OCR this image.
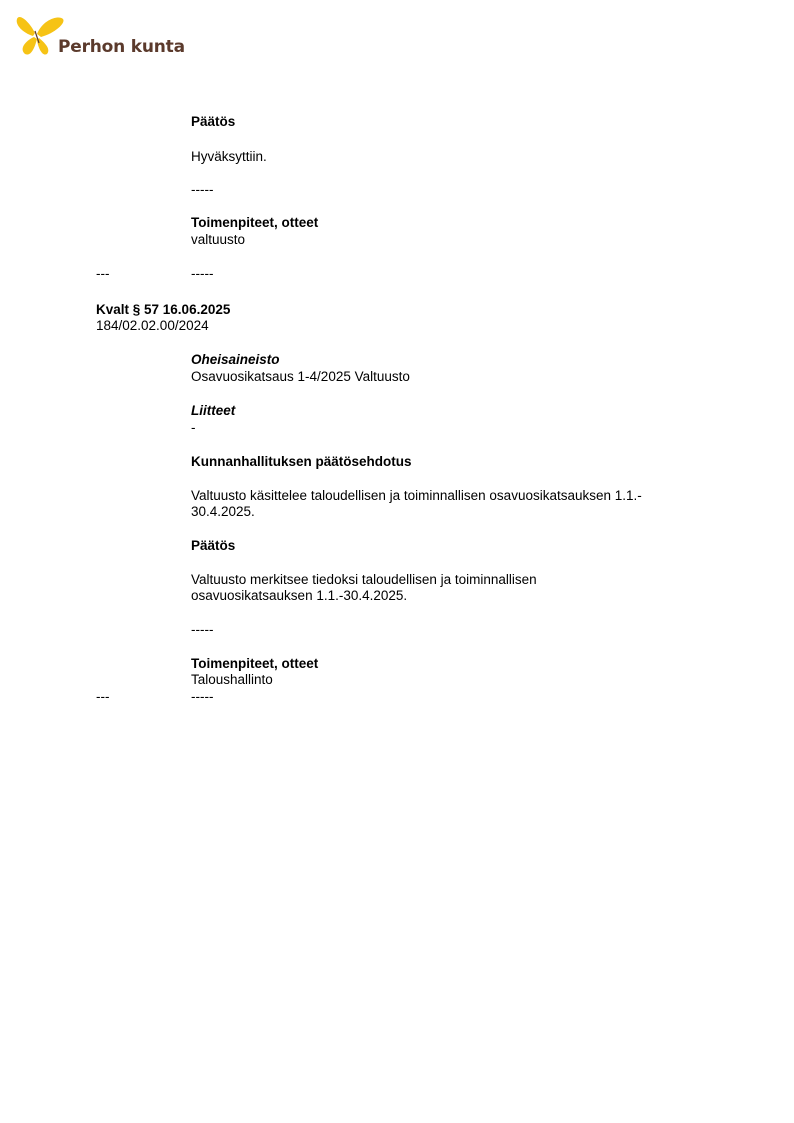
Perhon kunta
Päätös
Hyväksyttiin.
-----
Toimenpiteet, otteet
valtuusto
---	-----
Kvalt § 57 16.06.2025
184/02.02.00/2024
Oheisaineisto
Osavuosikatsaus 1-4/2025 Valtuusto
Liitteet
-
Kunnanhallituksen päätösehdotus
Valtuusto käsittelee taloudellisen ja toiminnallisen osavuosikatsauksen 1.1.-
30.4.2025.
Päätös
Valtuusto merkitsee tiedoksi taloudellisen ja toiminnallisen
osavuosikatsauksen 1.1.-30.4.2025.
-----
Toimenpiteet, otteet
Taloushallinto
---	-----
